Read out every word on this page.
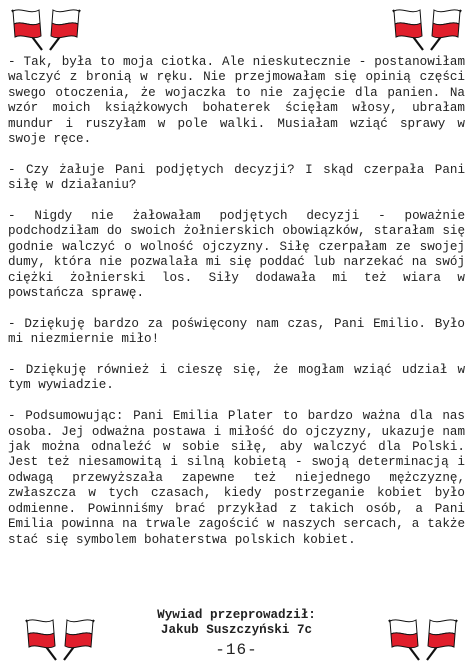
- Tak, była to moja ciotka. Ale nieskutecznie - postanowiłam walczyć z bronią w ręku. Nie przejmowałam się opinią części swego otoczenia, że wojaczka to nie zajęcie dla panien. Na wzór moich książkowych bohaterek ścięłam włosy, ubrałam mundur i ruszyłam w pole walki. Musiałam wziąć sprawy w swoje ręce.

- Czy żałuje Pani podjętych decyzji? I skąd czerpała Pani siłę w działaniu?

- Nigdy nie żałowałam podjętych decyzji - poważnie podchodziłam do swoich żołnierskich obowiązków, starałam się godnie walczyć o wolność ojczyzny. Siłę czerpałam ze swojej dumy, która nie pozwalała mi się poddać lub narzekać na swój ciężki żołnierski los. Siły dodawała mi też wiara w powstańcza sprawę.

- Dziękuję bardzo za poświęcony nam czas, Pani Emilio. Było mi niezmiernie miło!

- Dziękuję również i cieszę się, że mogłam wziąć udział w tym wywiadzie.

- Podsumowując: Pani Emilia Plater to bardzo ważna dla nas osoba. Jej odważna postawa i miłość do ojczyzny, ukazuje nam jak można odnaleźć w sobie siłę, aby walczyć dla Polski. Jest też niesamowitą i silną kobietą - swoją determinacją i odwagą przewyższała zapewne też niejednego mężczyznę, zwłaszcza w tych czasach, kiedy postrzeganie kobiet było odmienne. Powinniśmy brać przykład z takich osób, a Pani Emilia powinna na trwale zagościć w naszych sercach, a także stać się symbolem bohaterstwa polskich kobiet.

Wywiad przeprowadził:
Jakub Suszczyński 7c
-16-
